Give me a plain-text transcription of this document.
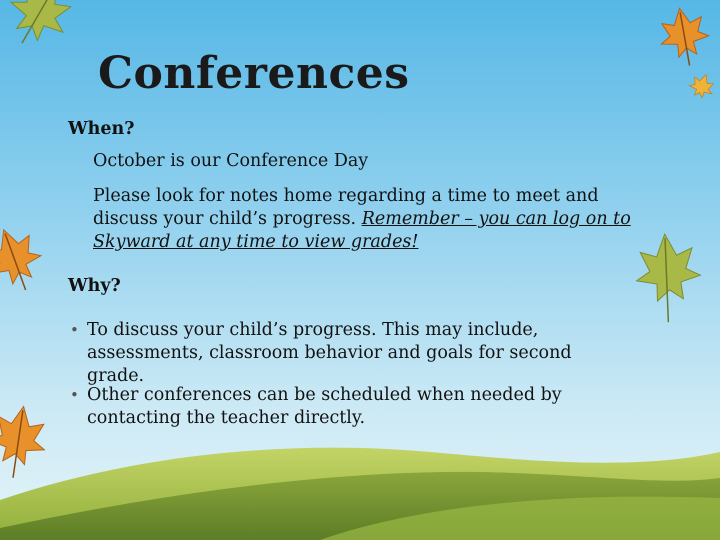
Conferences

When?

October is our Conference Day

Please look for notes home regarding a time to meet and discuss your child’s progress. Remember – you can log on to Skyward at any time to view grades!

Why?

• To discuss your child’s progress. This may include, assessments, classroom behavior and goals for second grade.
• Other conferences can be scheduled when needed by contacting the teacher directly.
